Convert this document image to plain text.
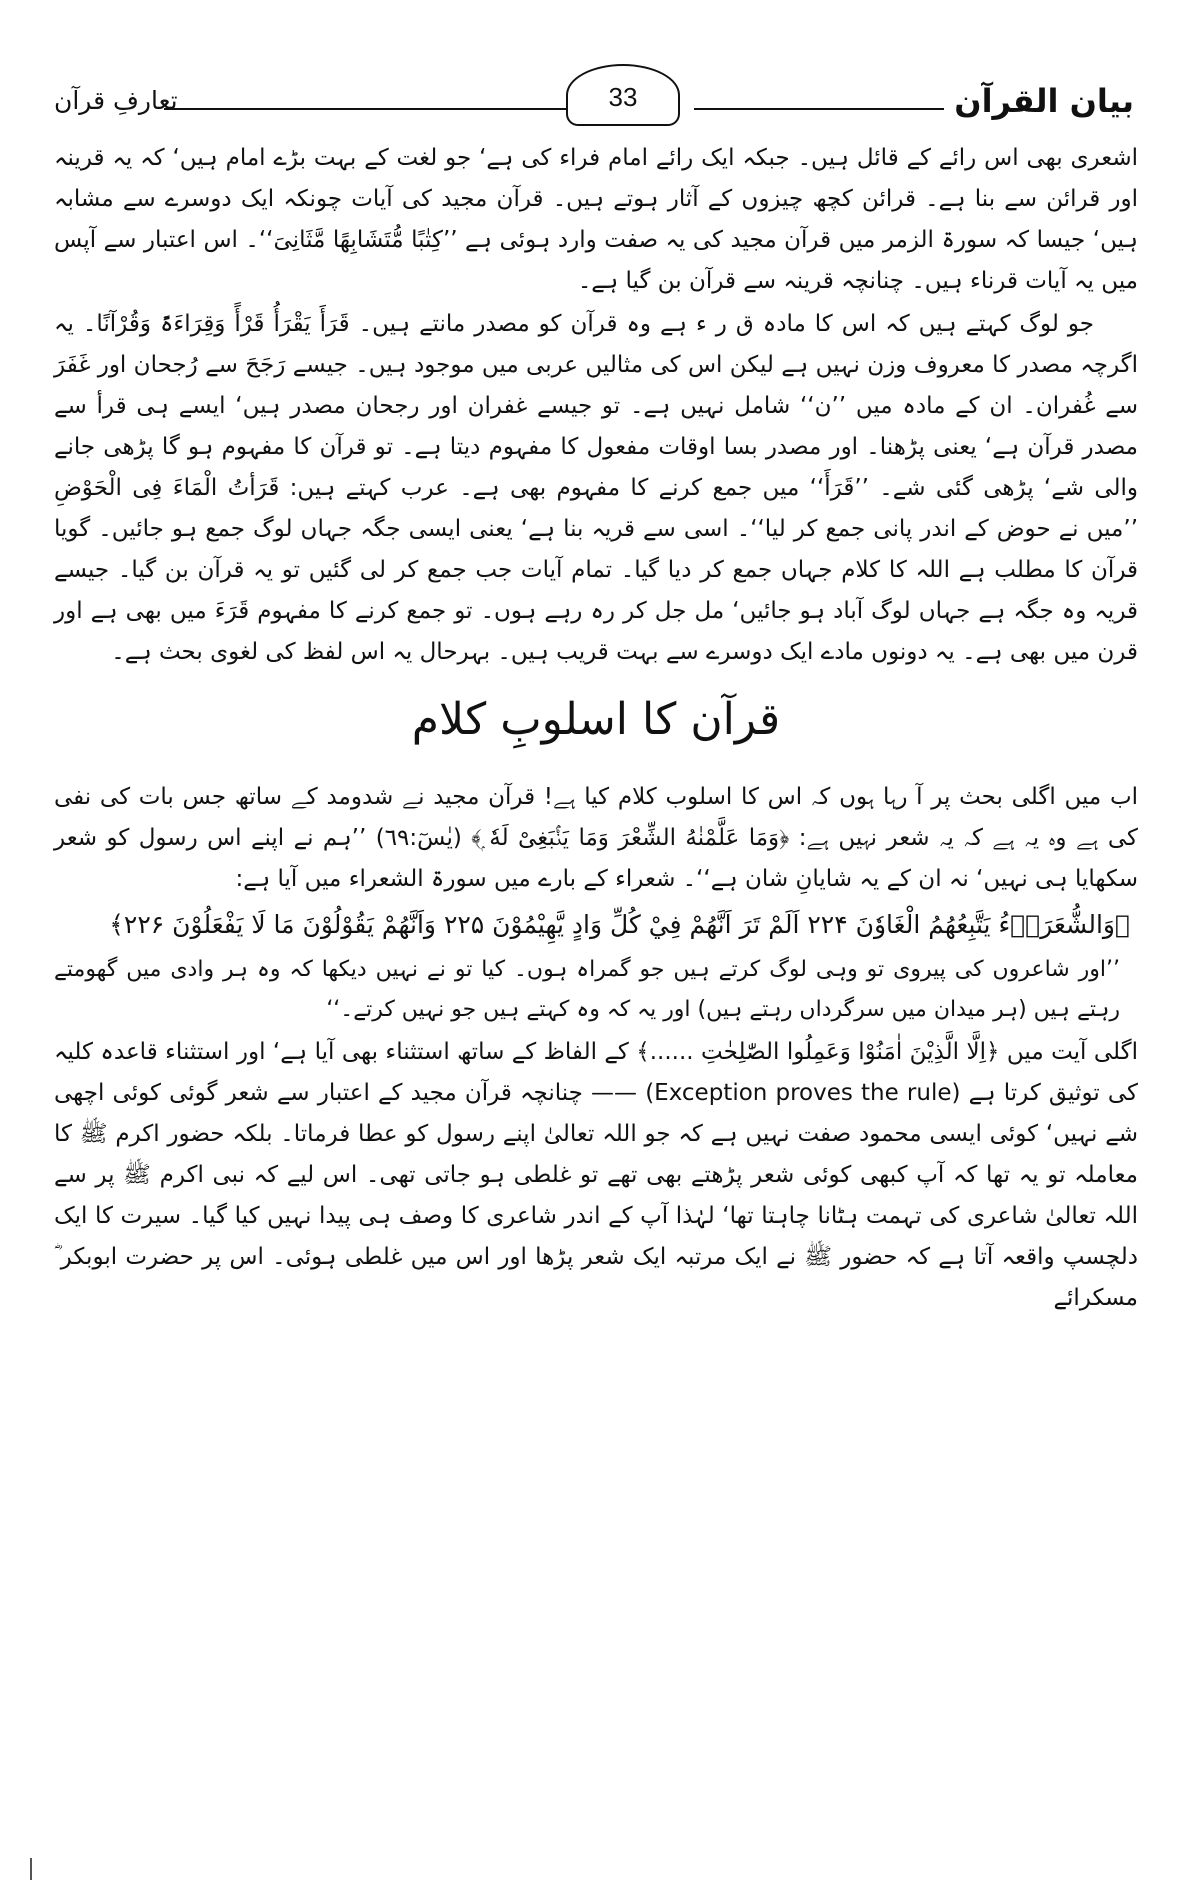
بیان القرآن
33
تعارفِ قرآن

اشعری بھی اس رائے کے قائل ہیں۔ جبکہ ایک رائے امام فراء کی ہے‘ جو لغت کے بہت بڑے امام ہیں‘ کہ یہ قرینہ اور قرائن سے بنا ہے۔ قرائن کچھ چیزوں کے آثار ہوتے ہیں۔ قرآن مجید کی آیات چونکہ ایک دوسرے سے مشابہ ہیں‘ جیسا کہ سورۃ الزمر میں قرآن مجید کی یہ صفت وارد ہوئی ہے ’’کِتٰبًا مُّتَشَابِھًا مَّثَانِیَ‘‘۔ اس اعتبار سے آپس میں یہ آیات قرناء ہیں۔ چنانچہ قرینہ سے قرآن بن گیا ہے۔

جو لوگ کہتے ہیں کہ اس کا مادہ ق ر ء ہے وہ قرآن کو مصدر مانتے ہیں۔ قَرَأَ یَقْرَأُ قَرْأً وَقِرَاءَۃً وَقُرْآنًا۔ یہ اگرچہ مصدر کا معروف وزن نہیں ہے لیکن اس کی مثالیں عربی میں موجود ہیں۔ جیسے رَجَحَ سے رُجحان اور غَفَرَ سے غُفران۔ ان کے مادہ میں ’’ن‘‘ شامل نہیں ہے۔ تو جیسے غفران اور رجحان مصدر ہیں‘ ایسے ہی قرأ سے مصدر قرآن ہے‘ یعنی پڑھنا۔ اور مصدر بسا اوقات مفعول کا مفہوم دیتا ہے۔ تو قرآن کا مفہوم ہو گا پڑھی جانے والی شے‘ پڑھی گئی شے۔ ’’قَرَأَ‘‘ میں جمع کرنے کا مفہوم بھی ہے۔ عرب کہتے ہیں: قَرَأتُ الْمَاءَ فِی الْحَوْضِ ’’میں نے حوض کے اندر پانی جمع کر لیا‘‘۔ اسی سے قریہ بنا ہے‘ یعنی ایسی جگہ جہاں لوگ جمع ہو جائیں۔ گویا قرآن کا مطلب ہے اللہ کا کلام جہاں جمع کر دیا گیا۔ تمام آیات جب جمع کر لی گئیں تو یہ قرآن بن گیا۔ جیسے قریہ وہ جگہ ہے جہاں لوگ آباد ہو جائیں‘ مل جل کر رہ رہے ہوں۔ تو جمع کرنے کا مفہوم قَرَءَ میں بھی ہے اور قرن میں بھی ہے۔ یہ دونوں مادے ایک دوسرے سے بہت قریب ہیں۔ بہرحال یہ اس لفظ کی لغوی بحث ہے۔

قرآن کا اسلوبِ کلام

اب میں اگلی بحث پر آ رہا ہوں کہ اس کا اسلوب کلام کیا ہے! قرآن مجید نے شدومد کے ساتھ جس بات کی نفی کی ہے وہ یہ ہے کہ یہ شعر نہیں ہے: ﴿وَمَا عَلَّمْنٰهُ الشِّعْرَ وَمَا یَنْۢبَغِیْ لَهٗ ۭ﴾ (یٰسٓ:٦٩) ’’ہم نے اپنے اس رسول کو شعر سکھایا ہی نہیں‘ نہ ان کے یہ شایانِ شان ہے‘‘۔ شعراء کے بارے میں سورۃ الشعراء میں آیا ہے:

﴿وَالشُّعَرَاۗءُ يَتَّبِعُهُمُ الْغَاوٗنَ ۲۲۴ اَلَمْ تَرَ اَنَّهُمْ فِيْ كُلِّ وَادٍ يَّهِيْمُوْنَ ۲۲۵ وَاَنَّهُمْ يَقُوْلُوْنَ مَا لَا يَفْعَلُوْنَ ۲۲۶﴾

’’اور شاعروں کی پیروی تو وہی لوگ کرتے ہیں جو گمراہ ہوں۔ کیا تو نے نہیں دیکھا کہ وہ ہر وادی میں گھومتے رہتے ہیں (ہر میدان میں سرگرداں رہتے ہیں) اور یہ کہ وہ کہتے ہیں جو نہیں کرتے۔‘‘

اگلی آیت میں ﴿اِلَّا الَّذِیْنَ اٰمَنُوْا وَعَمِلُوا الصّٰلِحٰتِ ......﴾ کے الفاظ کے ساتھ استثناء بھی آیا ہے‘ اور استثناء قاعدہ کلیہ کی توثیق کرتا ہے (Exception proves the rule) —— چنانچہ قرآن مجید کے اعتبار سے شعر گوئی کوئی اچھی شے نہیں‘ کوئی ایسی محمود صفت نہیں ہے کہ جو اللہ تعالیٰ اپنے رسول کو عطا فرماتا۔ بلکہ حضور اکرم ﷺ کا معاملہ تو یہ تھا کہ آپ کبھی کوئی شعر پڑھتے بھی تھے تو غلطی ہو جاتی تھی۔ اس لیے کہ نبی اکرم ﷺ پر سے اللہ تعالیٰ شاعری کی تہمت ہٹانا چاہتا تھا‘ لہٰذا آپ کے اندر شاعری کا وصف ہی پیدا نہیں کیا گیا۔ سیرت کا ایک دلچسپ واقعہ آتا ہے کہ حضور ﷺ نے ایک مرتبہ ایک شعر پڑھا اور اس میں غلطی ہوئی۔ اس پر حضرت ابوبکر ؓ مسکرائے
